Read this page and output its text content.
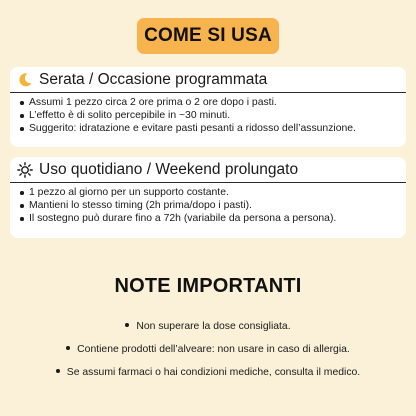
COME SI USA
Serata / Occasione programmata
Assumi 1 pezzo circa 2 ore prima o 2 ore dopo i pasti.
L’effetto è di solito percepibile in ~30 minuti.
Suggerito: idratazione e evitare pasti pesanti a ridosso dell’assunzione.
Uso quotidiano / Weekend prolungato
1 pezzo al giorno per un supporto costante.
Mantieni lo stesso timing (2h prima/dopo i pasti).
Il sostegno può durare fino a 72h (variabile da persona a persona).
NOTE IMPORTANTI
Non superare la dose consigliata.
Contiene prodotti dell’alveare: non usare in caso di allergia.
Se assumi farmaci o hai condizioni mediche, consulta il medico.
